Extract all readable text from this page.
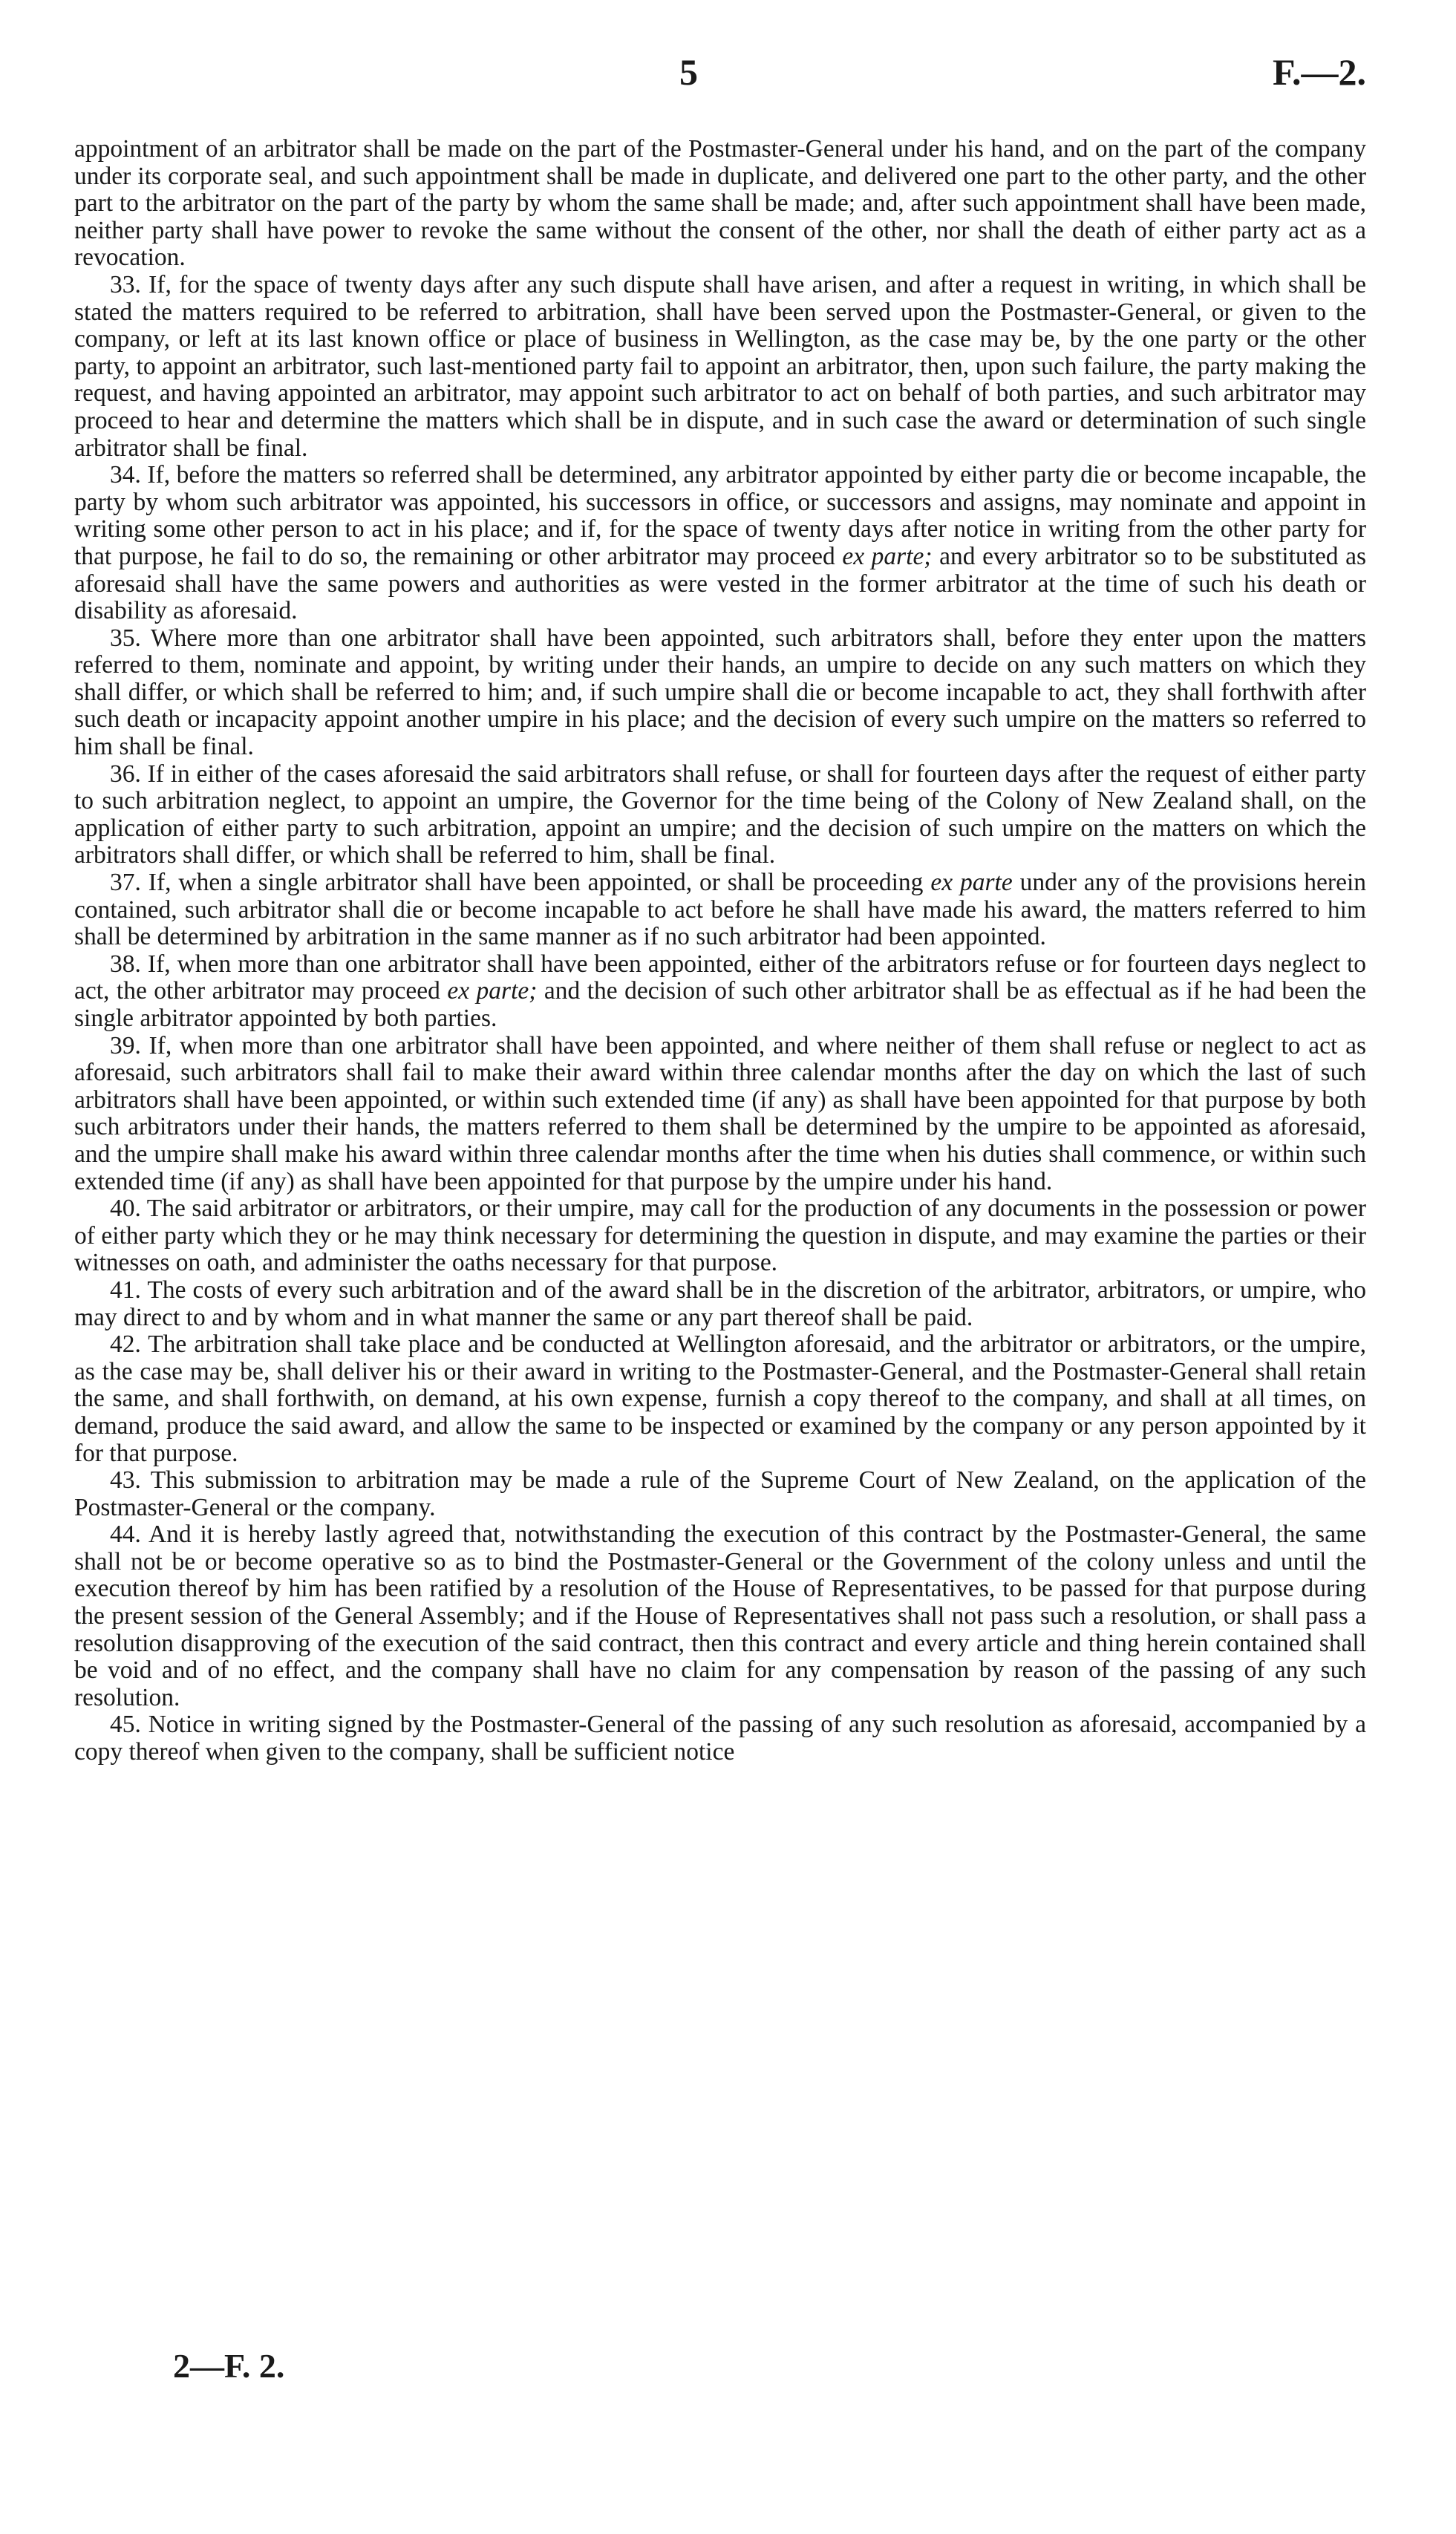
5	F.—2.

appointment of an arbitrator shall be made on the part of the Postmaster-General under his hand, and on the part of the company under its corporate seal, and such appointment shall be made in duplicate, and delivered one part to the other party, and the other part to the arbitrator on the part of the party by whom the same shall be made; and, after such appointment shall have been made, neither party shall have power to revoke the same without the consent of the other, nor shall the death of either party act as a revocation.

33. If, for the space of twenty days after any such dispute shall have arisen, and after a request in writing, in which shall be stated the matters required to be referred to arbitration, shall have been served upon the Postmaster-General, or given to the company, or left at its last known office or place of business in Wellington, as the case may be, by the one party or the other party, to appoint an arbitrator, such last-mentioned party fail to appoint an arbitrator, then, upon such failure, the party making the request, and having appointed an arbitrator, may appoint such arbitrator to act on behalf of both parties, and such arbitrator may proceed to hear and determine the matters which shall be in dispute, and in such case the award or determination of such single arbitrator shall be final.

34. If, before the matters so referred shall be determined, any arbitrator appointed by either party die or become incapable, the party by whom such arbitrator was appointed, his successors in office, or successors and assigns, may nominate and appoint in writing some other person to act in his place; and if, for the space of twenty days after notice in writing from the other party for that purpose, he fail to do so, the remaining or other arbitrator may proceed ex parte; and every arbitrator so to be substituted as aforesaid shall have the same powers and authorities as were vested in the former arbitrator at the time of such his death or disability as aforesaid.

35. Where more than one arbitrator shall have been appointed, such arbitrators shall, before they enter upon the matters referred to them, nominate and appoint, by writing under their hands, an umpire to decide on any such matters on which they shall differ, or which shall be referred to him; and, if such umpire shall die or become incapable to act, they shall forthwith after such death or incapacity appoint another umpire in his place; and the decision of every such umpire on the matters so referred to him shall be final.

36. If in either of the cases aforesaid the said arbitrators shall refuse, or shall for fourteen days after the request of either party to such arbitration neglect, to appoint an umpire, the Governor for the time being of the Colony of New Zealand shall, on the application of either party to such arbitration, appoint an umpire; and the decision of such umpire on the matters on which the arbitrators shall differ, or which shall be referred to him, shall be final.

37. If, when a single arbitrator shall have been appointed, or shall be proceeding ex parte under any of the provisions herein contained, such arbitrator shall die or become incapable to act before he shall have made his award, the matters referred to him shall be determined by arbitration in the same manner as if no such arbitrator had been appointed.

38. If, when more than one arbitrator shall have been appointed, either of the arbitrators refuse or for fourteen days neglect to act, the other arbitrator may proceed ex parte; and the decision of such other arbitrator shall be as effectual as if he had been the single arbitrator appointed by both parties.

39. If, when more than one arbitrator shall have been appointed, and where neither of them shall refuse or neglect to act as aforesaid, such arbitrators shall fail to make their award within three calendar months after the day on which the last of such arbitrators shall have been appointed, or within such extended time (if any) as shall have been appointed for that purpose by both such arbitrators under their hands, the matters referred to them shall be determined by the umpire to be appointed as aforesaid, and the umpire shall make his award within three calendar months after the time when his duties shall commence, or within such extended time (if any) as shall have been appointed for that purpose by the umpire under his hand.

40. The said arbitrator or arbitrators, or their umpire, may call for the production of any documents in the possession or power of either party which they or he may think necessary for determining the question in dispute, and may examine the parties or their witnesses on oath, and administer the oaths necessary for that purpose.

41. The costs of every such arbitration and of the award shall be in the discretion of the arbitrator, arbitrators, or umpire, who may direct to and by whom and in what manner the same or any part thereof shall be paid.

42. The arbitration shall take place and be conducted at Wellington aforesaid, and the arbitrator or arbitrators, or the umpire, as the case may be, shall deliver his or their award in writing to the Postmaster-General, and the Postmaster-General shall retain the same, and shall forthwith, on demand, at his own expense, furnish a copy thereof to the company, and shall at all times, on demand, produce the said award, and allow the same to be inspected or examined by the company or any person appointed by it for that purpose.

43. This submission to arbitration may be made a rule of the Supreme Court of New Zealand, on the application of the Postmaster-General or the company.

44. And it is hereby lastly agreed that, notwithstanding the execution of this contract by the Postmaster-General, the same shall not be or become operative so as to bind the Postmaster-General or the Government of the colony unless and until the execution thereof by him has been ratified by a resolution of the House of Representatives, to be passed for that purpose during the present session of the General Assembly; and if the House of Representatives shall not pass such a resolution, or shall pass a resolution disapproving of the execution of the said contract, then this contract and every article and thing herein contained shall be void and of no effect, and the company shall have no claim for any compensation by reason of the passing of any such resolution.

45. Notice in writing signed by the Postmaster-General of the passing of any such resolution as aforesaid, accompanied by a copy thereof when given to the company, shall be sufficient notice

2—F. 2.
